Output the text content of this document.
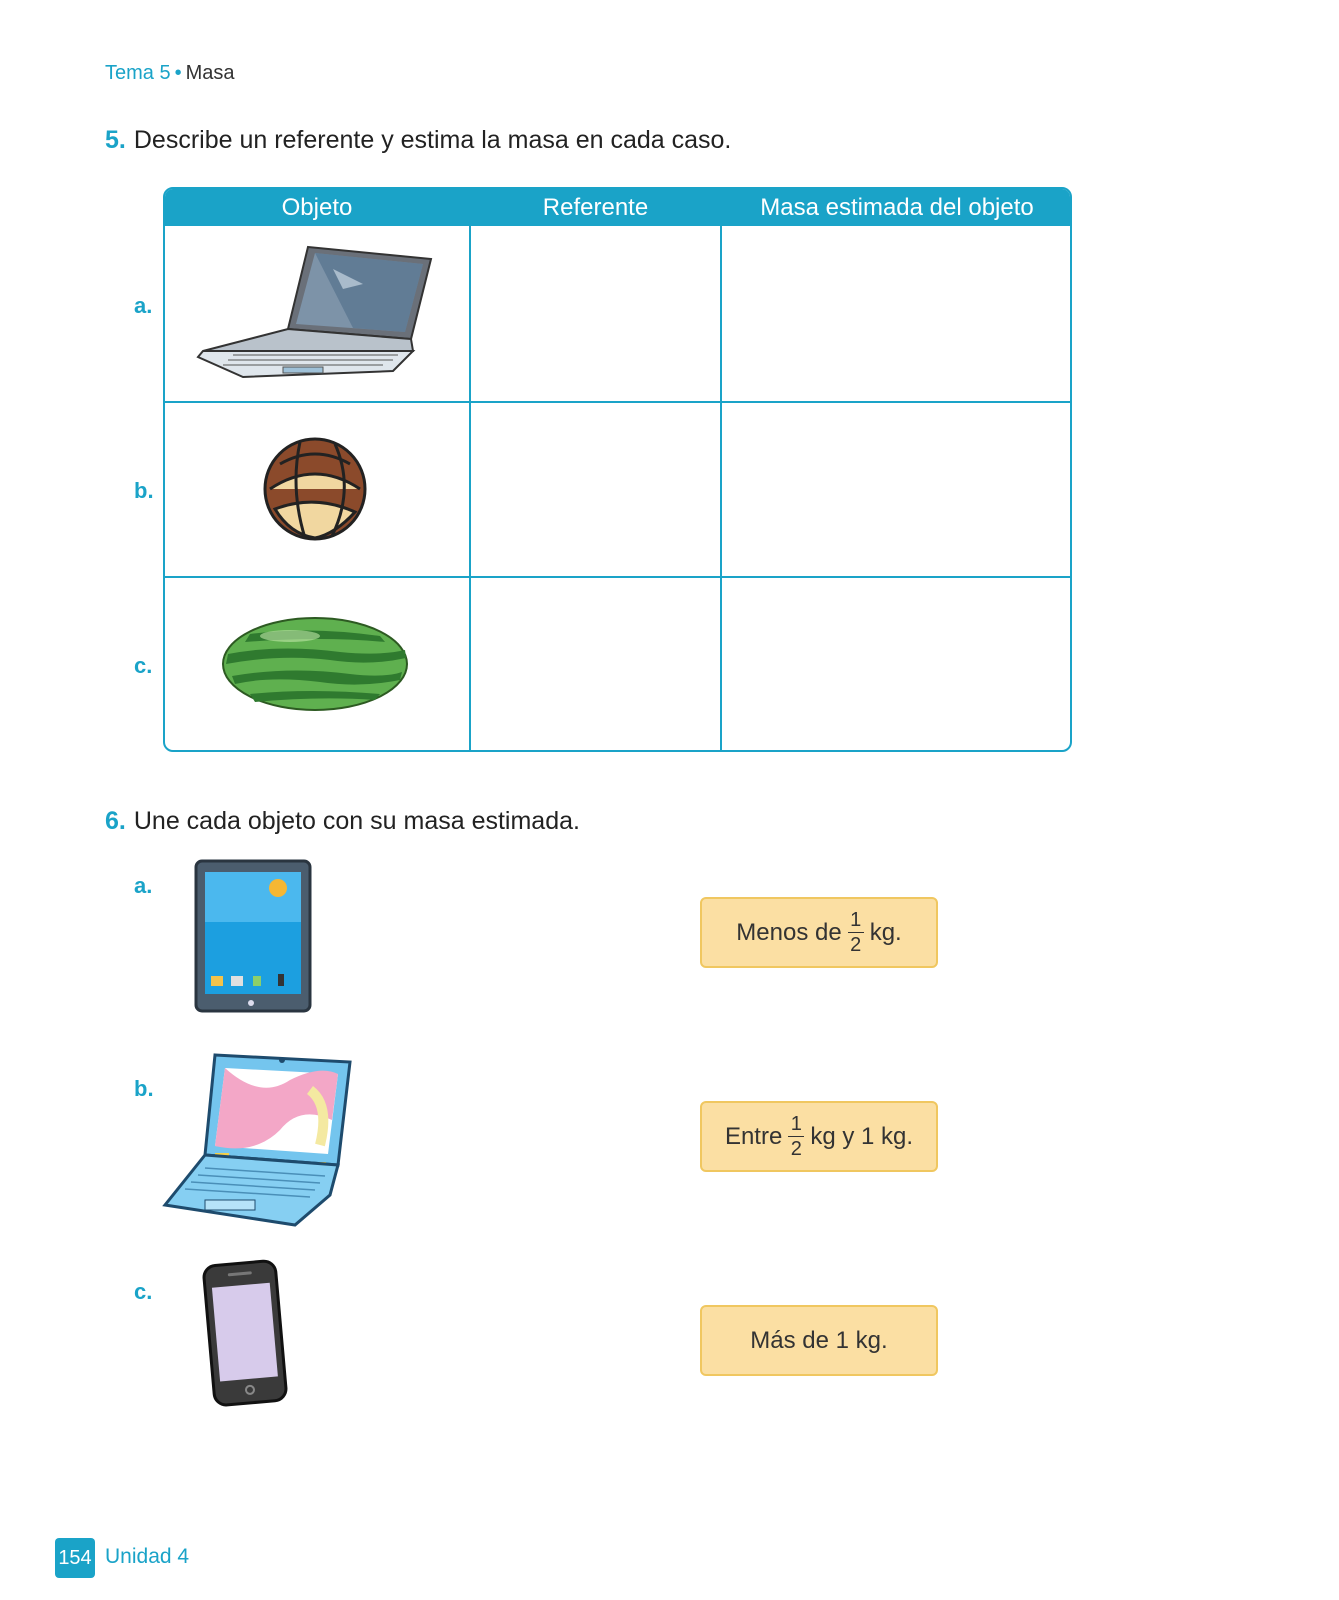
Tema 5 • Masa
5. Describe un referente y estima la masa en cada caso.
Objeto	Referente	Masa estimada del objeto
a.
b.
c.
6. Une cada objeto con su masa estimada.
a.
b.
c.
Menos de $\frac{1}{2}$ kg.
Entre $\frac{1}{2}$ kg y 1 kg.
Más de 1 kg.
154 Unidad 4
